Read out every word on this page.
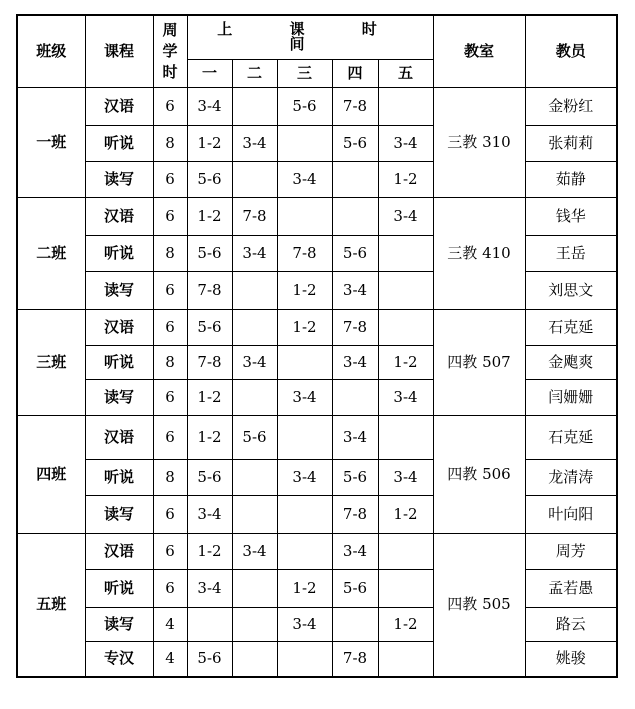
班级	课程	周
学
时	上 课 时 间					教室	教员
			一	二	三	四	五		
一班	汉语	6	3-4		5-6	7-8		三教 310	金粉红
	听说	8	1-2	3-4		5-6	3-4		张莉莉
	读写	6	5-6		3-4		1-2		茹静
二班	汉语	6	1-2	7-8			3-4	三教 410	钱华
	听说	8	5-6	3-4	7-8	5-6			王岳
	读写	6	7-8		1-2	3-4			刘思文
三班	汉语	6	5-6		1-2	7-8		四教 507	石克延
	听说	8	7-8	3-4		3-4	1-2		金飑爽
	读写	6	1-2		3-4		3-4		闫姗姗
四班	汉语	6	1-2	5-6		3-4		四教 506	石克延
	听说	8	5-6		3-4	5-6	3-4		龙清涛
	读写	6	3-4			7-8	1-2		叶向阳
五班	汉语	6	1-2	3-4		3-4		四教 505	周芳
	听说	6	3-4		1-2	5-6			孟若愚
	读写	4			3-4		1-2		路云
	专汉	4	5-6			7-8			姚骏
